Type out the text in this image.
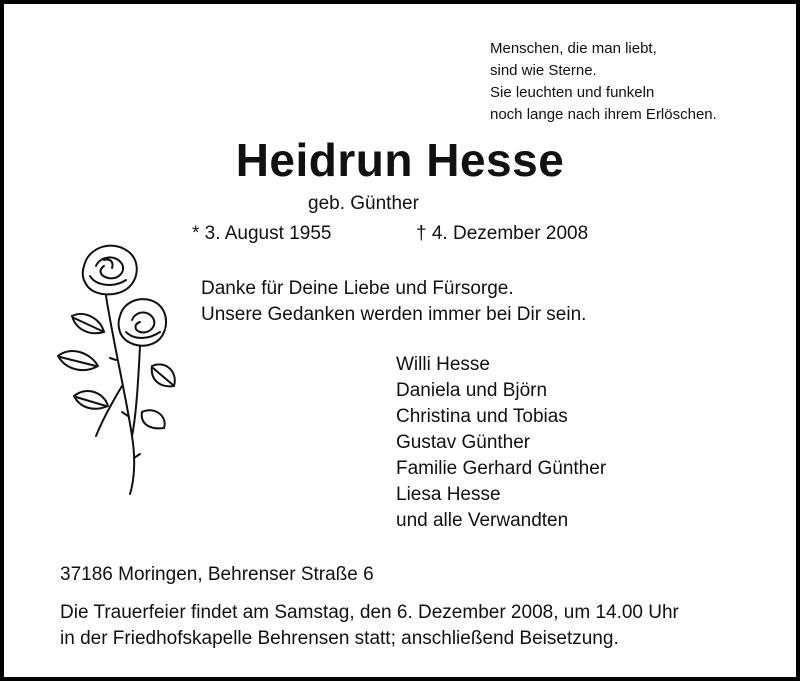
Menschen, die man liebt,
sind wie Sterne.
Sie leuchten und funkeln
noch lange nach ihrem Erlöschen.
Heidrun Hesse
geb. Günther
* 3. August 1955	† 4. Dezember 2008
Danke für Deine Liebe und Fürsorge.
Unsere Gedanken werden immer bei Dir sein.
Willi Hesse
Daniela und Björn
Christina und Tobias
Gustav Günther
Familie Gerhard Günther
Liesa Hesse
und alle Verwandten
37186 Moringen, Behrenser Straße 6
Die Trauerfeier findet am Samstag, den 6. Dezember 2008, um 14.00 Uhr
in der Friedhofskapelle Behrensen statt; anschließend Beisetzung.
